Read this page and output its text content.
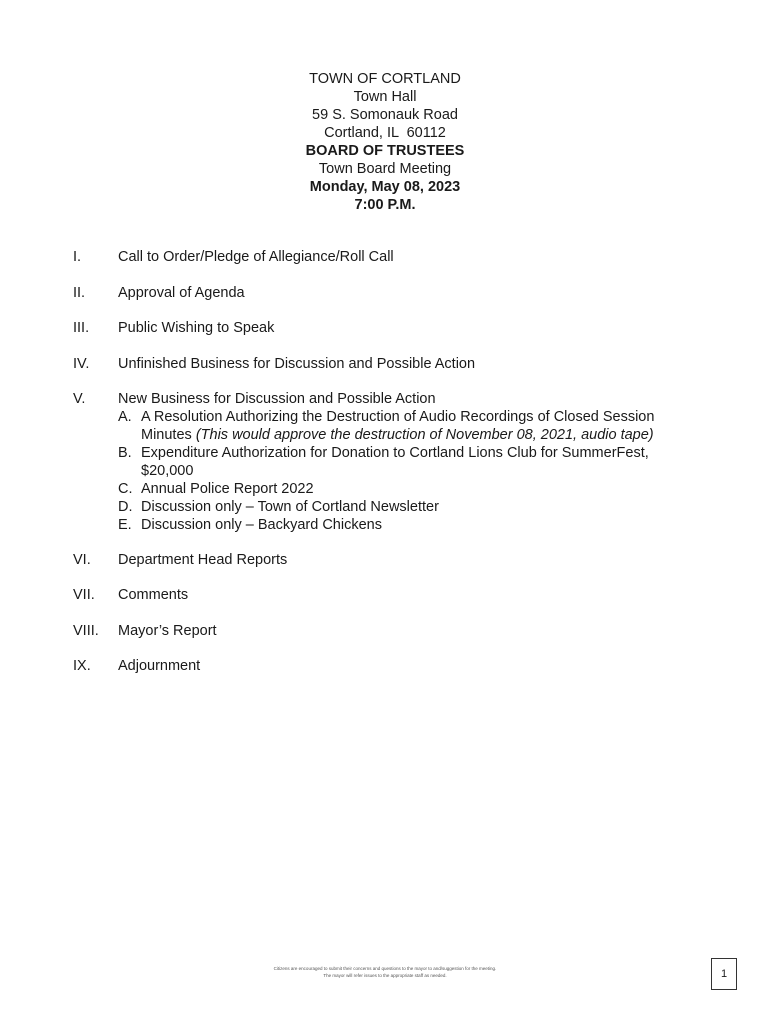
TOWN OF CORTLAND
Town Hall
59 S. Somonauk Road
Cortland, IL  60112
BOARD OF TRUSTEES
Town Board Meeting
Monday, May 08, 2023
7:00 P.M.
I.	Call to Order/Pledge of Allegiance/Roll Call
II. Approval of Agenda
III. Public Wishing to Speak
IV. Unfinished Business for Discussion and Possible Action
V. New Business for Discussion and Possible Action
A. A Resolution Authorizing the Destruction of Audio Recordings of Closed Session
Minutes (This would approve the destruction of November 08, 2021, audio tape)
B. Expenditure Authorization for Donation to Cortland Lions Club for SummerFest,
$20,000
C. Annual Police Report 2022
D. Discussion only – Town of Cortland Newsletter
E. Discussion only – Backyard Chickens
VI. Department Head Reports
VII. Comments
VIII. Mayor’s Report
IX. Adjournment
Citizens are encouraged to submit their concerns and questions to the mayor to and/suggestion for the meeting.
The mayor will refer issues to the appropriate staff as needed.	1
